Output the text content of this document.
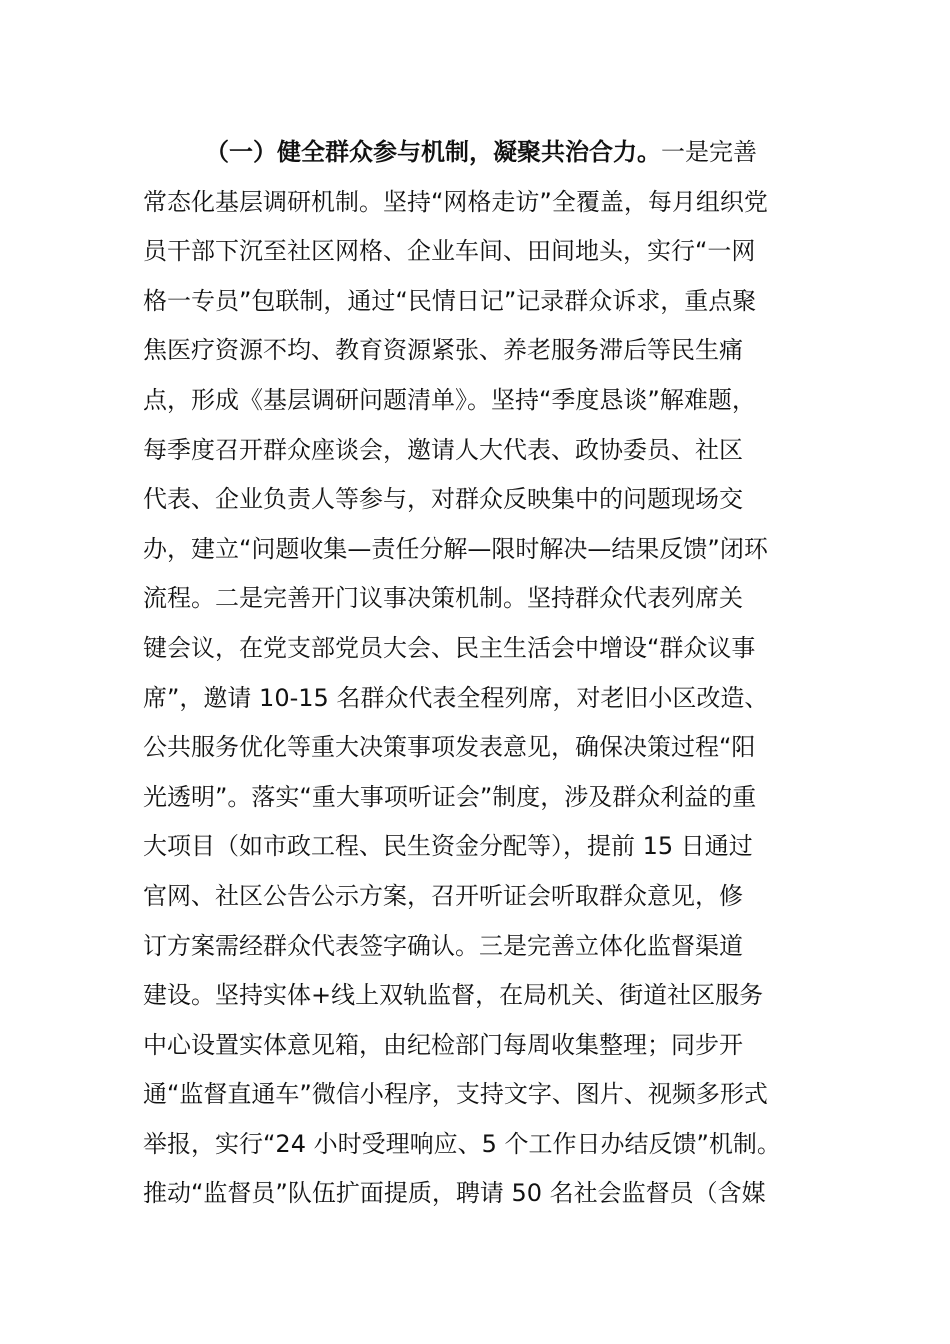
（一）健全群众参与机制，凝聚共治合力。一是完善
常态化基层调研机制。坚持“网格走访”全覆盖，每月组织党
员干部下沉至社区网格、企业车间、田间地头，实行“一网
格一专员”包联制，通过“民情日记”记录群众诉求，重点聚
焦医疗资源不均、教育资源紧张、养老服务滞后等民生痛
点，形成《基层调研问题清单》。坚持“季度恳谈”解难题，
每季度召开群众座谈会，邀请人大代表、政协委员、社区
代表、企业负责人等参与，对群众反映集中的问题现场交
办，建立“问题收集—责任分解—限时解决—结果反馈”闭环
流程。二是完善开门议事决策机制。坚持群众代表列席关
键会议，在党支部党员大会、民主生活会中增设“群众议事
席”，邀请 10-15 名群众代表全程列席，对老旧小区改造、
公共服务优化等重大决策事项发表意见，确保决策过程“阳
光透明”。落实“重大事项听证会”制度，涉及群众利益的重
大项目（如市政工程、民生资金分配等），提前 15 日通过
官网、社区公告公示方案，召开听证会听取群众意见，修
订方案需经群众代表签字确认。三是完善立体化监督渠道
建设。坚持实体+线上双轨监督，在局机关、街道社区服务
中心设置实体意见箱，由纪检部门每周收集整理；同步开
通“监督直通车”微信小程序，支持文字、图片、视频多形式
举报，实行“24 小时受理响应、5 个工作日办结反馈”机制。
推动“监督员”队伍扩面提质，聘请 50 名社会监督员（含媒
